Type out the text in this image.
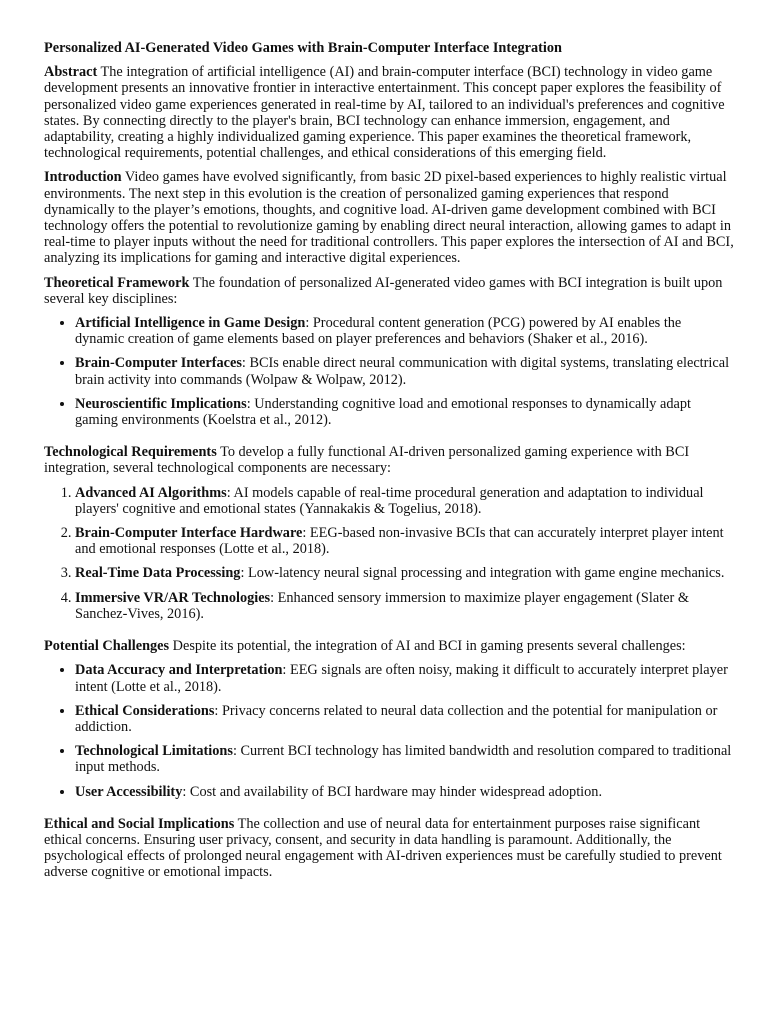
Personalized AI-Generated Video Games with Brain-Computer Interface Integration

Abstract The integration of artificial intelligence (AI) and brain-computer interface (BCI) technology in video game development presents an innovative frontier in interactive entertainment. This concept paper explores the feasibility of personalized video game experiences generated in real-time by AI, tailored to an individual's preferences and cognitive states. By connecting directly to the player's brain, BCI technology can enhance immersion, engagement, and adaptability, creating a highly individualized gaming experience. This paper examines the theoretical framework, technological requirements, potential challenges, and ethical considerations of this emerging field.

Introduction Video games have evolved significantly, from basic 2D pixel-based experiences to highly realistic virtual environments. The next step in this evolution is the creation of personalized gaming experiences that respond dynamically to the player’s emotions, thoughts, and cognitive load. AI-driven game development combined with BCI technology offers the potential to revolutionize gaming by enabling direct neural interaction, allowing games to adapt in real-time to player inputs without the need for traditional controllers. This paper explores the intersection of AI and BCI, analyzing its implications for gaming and interactive digital experiences.

Theoretical Framework The foundation of personalized AI-generated video games with BCI integration is built upon several key disciplines:

• Artificial Intelligence in Game Design: Procedural content generation (PCG) powered by AI enables the dynamic creation of game elements based on player preferences and behaviors (Shaker et al., 2016).
• Brain-Computer Interfaces: BCIs enable direct neural communication with digital systems, translating electrical brain activity into commands (Wolpaw & Wolpaw, 2012).
• Neuroscientific Implications: Understanding cognitive load and emotional responses to dynamically adapt gaming environments (Koelstra et al., 2012).

Technological Requirements To develop a fully functional AI-driven personalized gaming experience with BCI integration, several technological components are necessary:

1. Advanced AI Algorithms: AI models capable of real-time procedural generation and adaptation to individual players' cognitive and emotional states (Yannakakis & Togelius, 2018).
2. Brain-Computer Interface Hardware: EEG-based non-invasive BCIs that can accurately interpret player intent and emotional responses (Lotte et al., 2018).
3. Real-Time Data Processing: Low-latency neural signal processing and integration with game engine mechanics.
4. Immersive VR/AR Technologies: Enhanced sensory immersion to maximize player engagement (Slater & Sanchez-Vives, 2016).

Potential Challenges Despite its potential, the integration of AI and BCI in gaming presents several challenges:

• Data Accuracy and Interpretation: EEG signals are often noisy, making it difficult to accurately interpret player intent (Lotte et al., 2018).
• Ethical Considerations: Privacy concerns related to neural data collection and the potential for manipulation or addiction.
• Technological Limitations: Current BCI technology has limited bandwidth and resolution compared to traditional input methods.
• User Accessibility: Cost and availability of BCI hardware may hinder widespread adoption.

Ethical and Social Implications The collection and use of neural data for entertainment purposes raise significant ethical concerns. Ensuring user privacy, consent, and security in data handling is paramount. Additionally, the psychological effects of prolonged neural engagement with AI-driven experiences must be carefully studied to prevent adverse cognitive or emotional impacts.
